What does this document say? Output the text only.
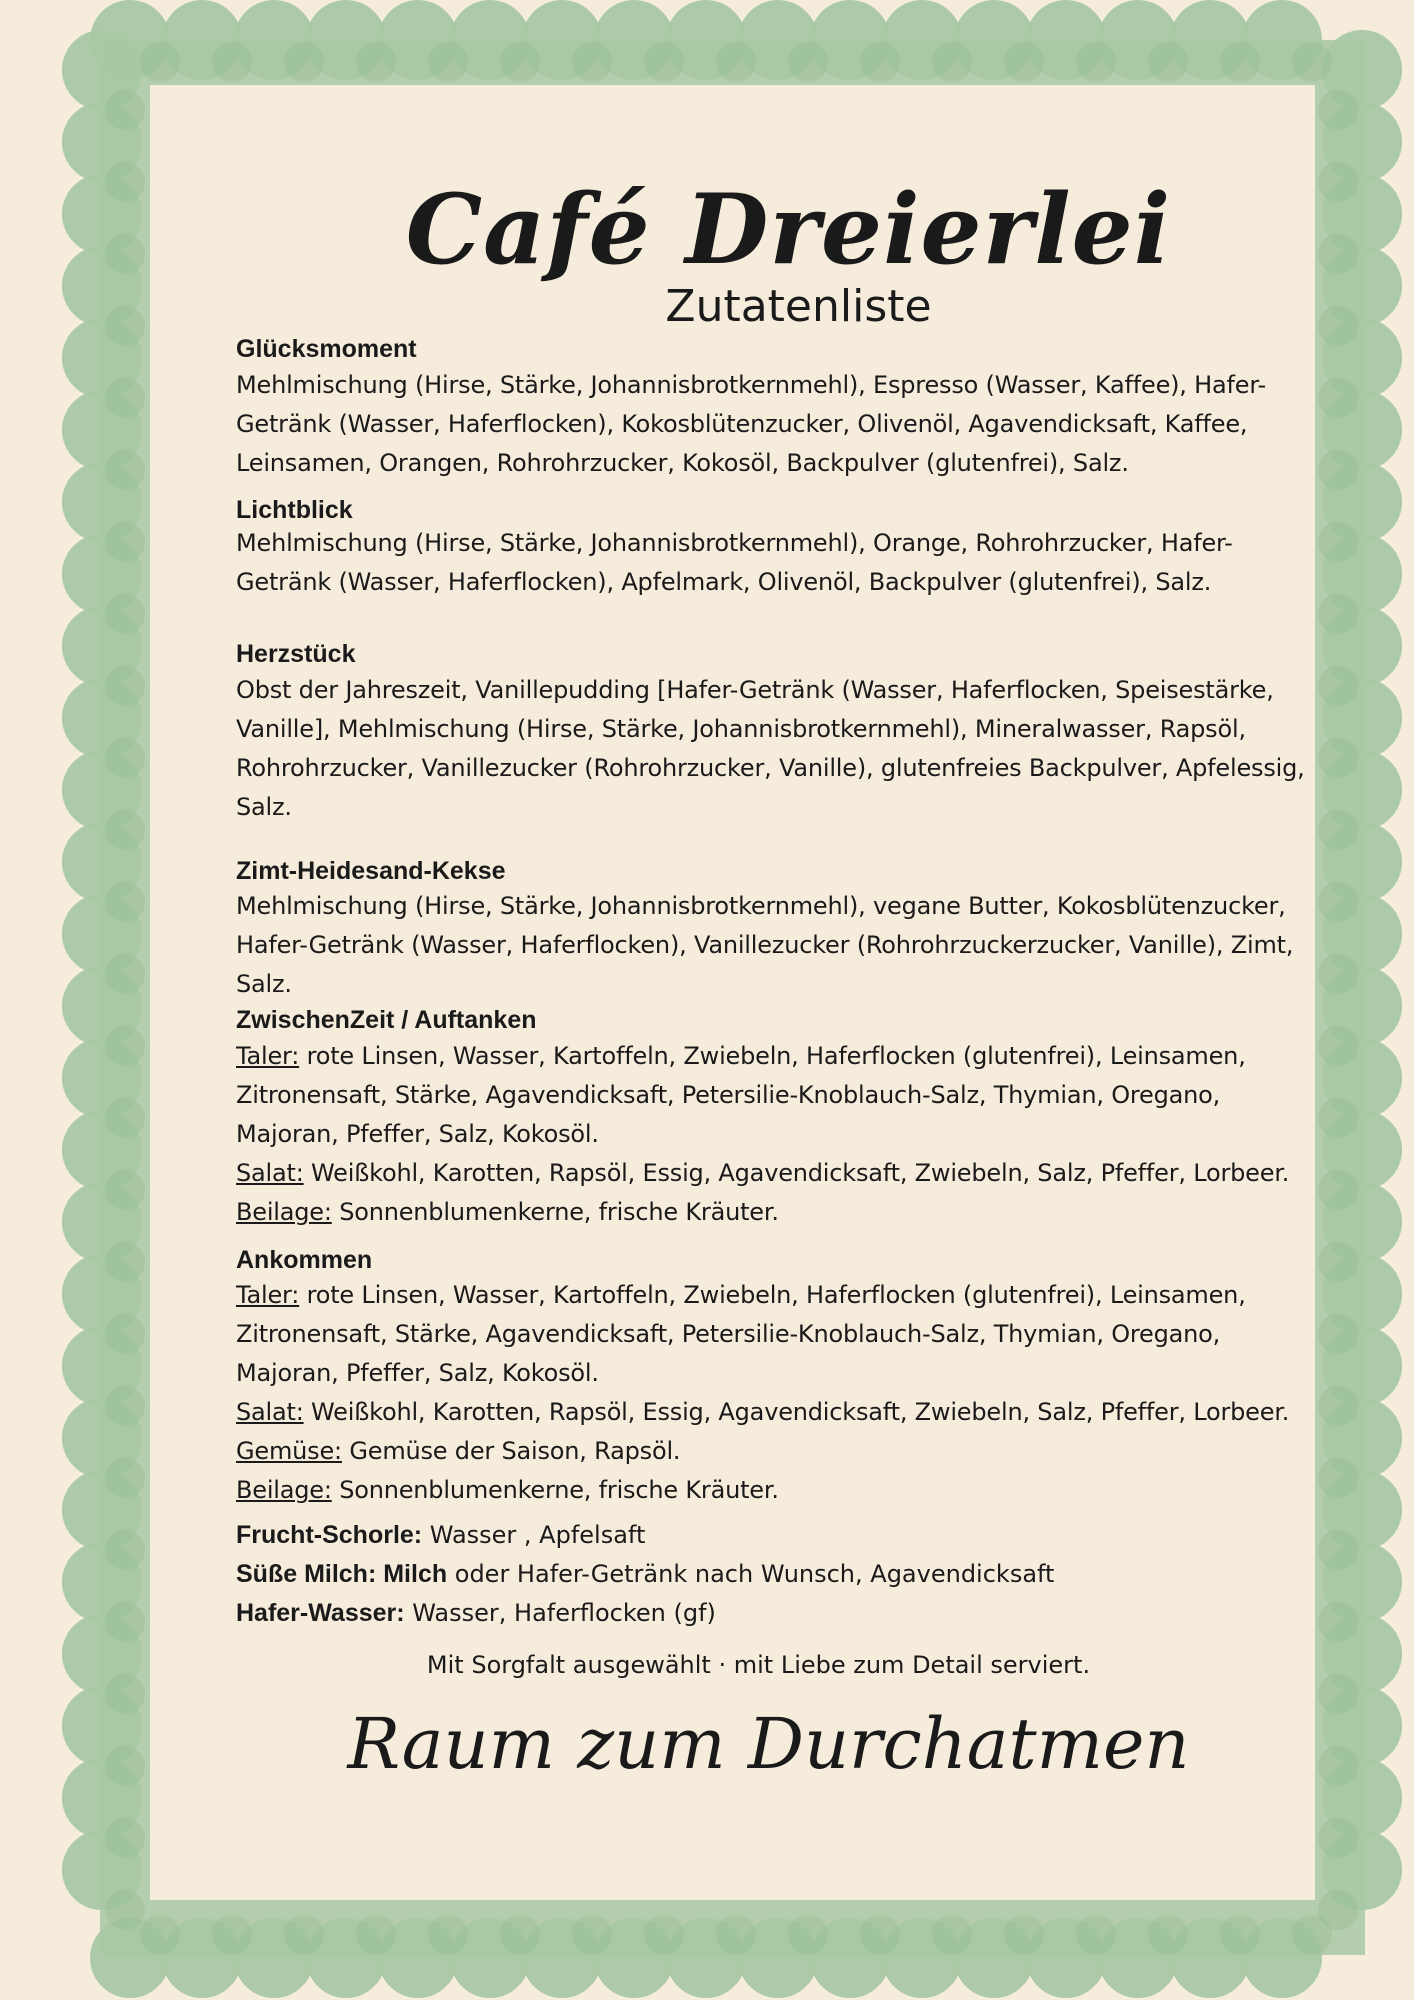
Café Dreierlei
Zutatenliste

Glücksmoment

Mehlmischung (Hirse, Stärke, Johannisbrotkernmehl), Espresso (Wasser, Kaffee), Hafer-Getränk (Wasser, Haferflocken), Kokosblütenzucker, Olivenöl, Agavendicksaft, Kaffee, Leinsamen, Orangen, Rohrohrzucker, Kokosöl, Backpulver (glutenfrei), Salz.

Lichtblick

Mehlmischung (Hirse, Stärke, Johannisbrotkernmehl), Orange, Rohrohrzucker, Hafer-Getränk (Wasser, Haferflocken), Apfelmark, Olivenöl, Backpulver (glutenfrei), Salz.

Herzstück

Obst der Jahreszeit, Vanillepudding [Hafer-Getränk (Wasser, Haferflocken, Speisestärke, Vanille], Mehlmischung (Hirse, Stärke, Johannisbrotkernmehl), Mineralwasser, Rapsöl, Rohrohrzucker, Vanillezucker (Rohrohrzucker, Vanille), glutenfreies Backpulver, Apfelessig, Salz.

Zimt-Heidesand-Kekse

Mehlmischung (Hirse, Stärke, Johannisbrotkernmehl), vegane Butter, Kokosblütenzucker, Hafer-Getränk (Wasser, Haferflocken), Vanillezucker (Rohrohrzuckerzucker, Vanille), Zimt, Salz.

ZwischenZeit / Auftanken

Taler: rote Linsen, Wasser, Kartoffeln, Zwiebeln, Haferflocken (glutenfrei), Leinsamen, Zitronensaft, Stärke, Agavendicksaft, Petersilie-Knoblauch-Salz, Thymian, Oregano, Majoran, Pfeffer, Salz, Kokosöl.

Salat: Weißkohl, Karotten, Rapsöl, Essig, Agavendicksaft, Zwiebeln, Salz, Pfeffer, Lorbeer.

Beilage: Sonnenblumenkerne, frische Kräuter.

Ankommen

Taler: rote Linsen, Wasser, Kartoffeln, Zwiebeln, Haferflocken (glutenfrei), Leinsamen, Zitronensaft, Stärke, Agavendicksaft, Petersilie-Knoblauch-Salz, Thymian, Oregano, Majoran, Pfeffer, Salz, Kokosöl.

Salat: Weißkohl, Karotten, Rapsöl, Essig, Agavendicksaft, Zwiebeln, Salz, Pfeffer, Lorbeer.

Gemüse: Gemüse der Saison, Rapsöl.

Beilage: Sonnenblumenkerne, frische Kräuter.

Frucht-Schorle: Wasser , Apfelsaft

Süße Milch: Milch oder Hafer-Getränk nach Wunsch, Agavendicksaft

Hafer-Wasser: Wasser, Haferflocken (gf)

Mit Sorgfalt ausgewählt · mit Liebe zum Detail serviert.
Raum zum Durchatmen
